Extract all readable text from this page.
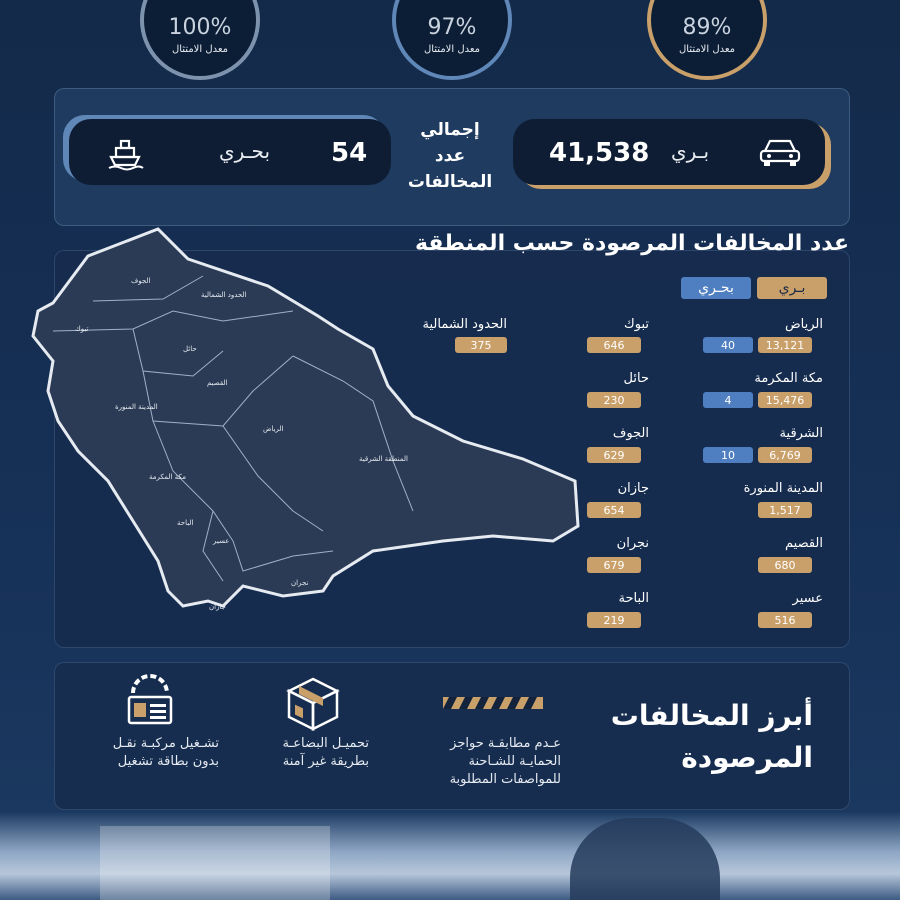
100%
معدل الامتثال
97%
معدل الامتثال
89%
معدل الامتثال
بحـري 54
إجمالي
عدد
المخالفات
41,538 بـري
عدد المخالفات المرصودة حسب المنطقة
بـري
بحـري
الجوف
الحدود الشمالية
تبوك
حائل
القصيم
المدينة المنورة
الرياض
المنطقة الشرقية
مكة المكرمة
الباحة
عسير
نجران
جازان
الرياض
13,121
40
مكة المكرمة
15,476
4
الشرقية
6,769
10
المدينة المنورة
1,517
القصيم
680
عسير
516
تبوك
646
حائل
230
الجوف
629
جازان
654
نجران
679
الباحة
219
الحدود الشمالية
375
أبرز المخالفات
المرصودة
عـدم مطابقـة حواجز
الحمايـة للشـاحنة
للمواصفات المطلوبة
تحميـل البضاعـة
بطريقة غير آمنة
تشـغيل مركبـة نقـل
بدون بطاقة تشغيل
